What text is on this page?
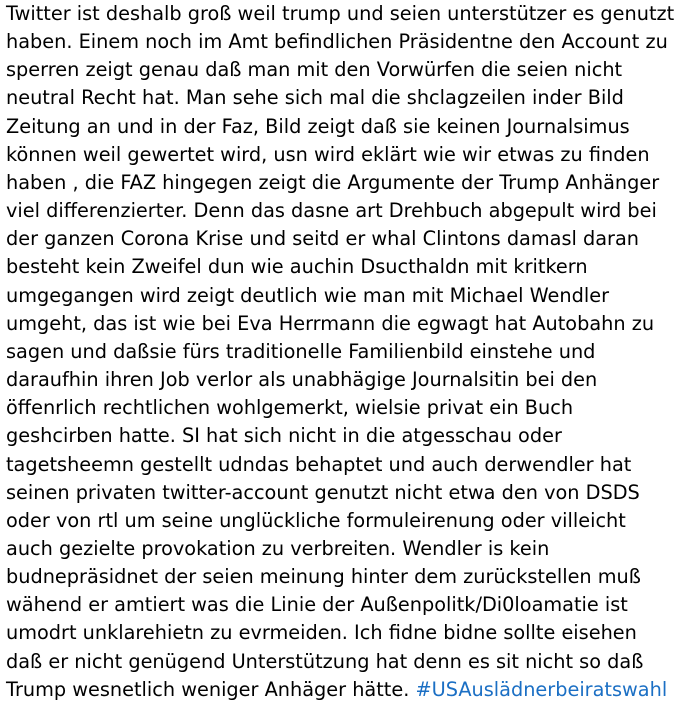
Twitter ist deshalb groß weil trump und seien unterstützer es genutzt
haben. Einem noch im Amt befindlichen Präsidentne den Account zu
sperren zeigt genau daß man mit den Vorwürfen die seien nicht
neutral Recht hat. Man sehe sich mal die shclagzeilen inder Bild
Zeitung an und in der Faz, Bild zeigt daß sie keinen Journalsimus
können weil gewertet wird, usn wird eklärt wie wir etwas zu finden
haben , die FAZ hingegen zeigt die Argumente der Trump Anhänger
viel differenzierter. Denn das dasne art Drehbuch abgepult wird bei
der ganzen Corona Krise und seitd er whal Clintons damasl daran
besteht kein Zweifel dun wie auchin Dsucthaldn mit kritkern
umgegangen wird zeigt deutlich wie man mit Michael Wendler
umgeht, das ist wie bei Eva Herrmann die egwagt hat Autobahn zu
sagen und daßsie fürs traditionelle Familienbild einstehe und
daraufhin ihren Job verlor als unabhägige Journalsitin bei den
öffenrlich rechtlichen wohlgemerkt, wielsie privat ein Buch
geshcirben hatte. SI hat sich nicht in die atgesschau oder
tagetsheemn gestellt udndas behaptet und auch derwendler hat
seinen privaten twitter-account genutzt nicht etwa den von DSDS
oder von rtl um seine unglückliche formuleirenung oder villeicht
auch gezielte provokation zu verbreiten. Wendler is kein
budnepräsidnet der seien meinung hinter dem zurückstellen muß
wähend er amtiert was die Linie der Außenpolitk/Di0loamatie ist
umodrt unklarehietn zu evrmeiden. Ich fidne bidne sollte eisehen
daß er nicht genügend Unterstützung hat denn es sit nicht so daß
Trump wesnetlich weniger Anhäger hätte. #USAuslädnerbeiratswahl
